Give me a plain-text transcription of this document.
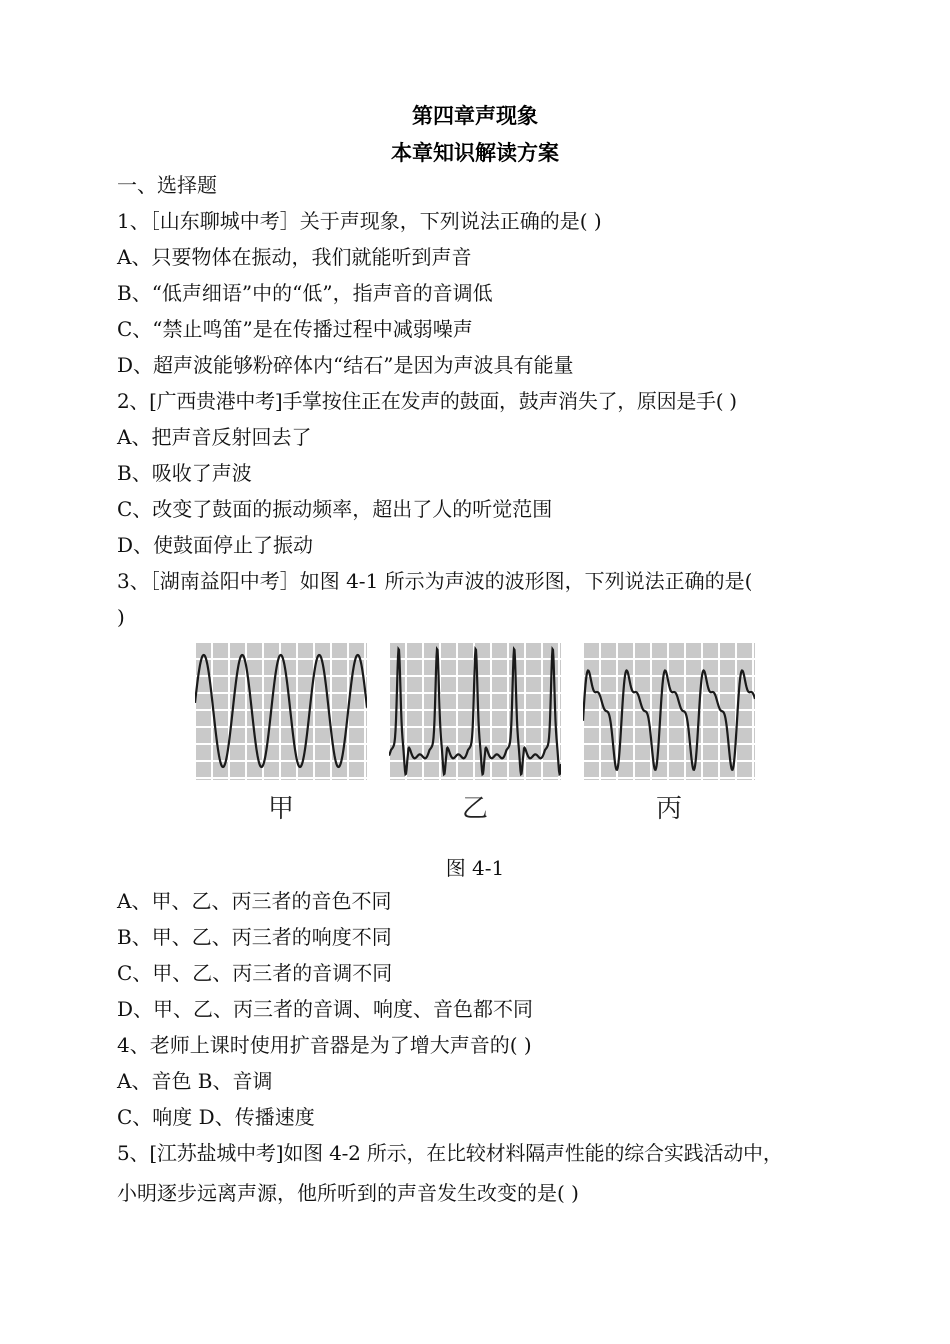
第四章声现象
本章知识解读方案
一、选择题
1、［山东聊城中考］关于声现象，下列说法正确的是( )
A、只要物体在振动，我们就能听到声音
B、“低声细语”中的“低”，指声音的音调低
C、“禁止鸣笛”是在传播过程中减弱噪声
D、超声波能够粉碎体内“结石”是因为声波具有能量
2、[广西贵港中考]手掌按住正在发声的鼓面，鼓声消失了，原因是手( )
A、把声音反射回去了
B、吸收了声波
C、改变了鼓面的振动频率，超出了人的听觉范围
D、使鼓面停止了振动
3、［湖南益阳中考］如图 4-1 所示为声波的波形图，下列说法正确的是(
)
甲	乙	丙
图 4-1
A、甲、乙、丙三者的音色不同
B、甲、乙、丙三者的响度不同
C、甲、乙、丙三者的音调不同
D、甲、乙、丙三者的音调、响度、音色都不同
4、老师上课时使用扩音器是为了增大声音的( )
A、音色 B、音调
C、响度 D、传播速度
5、[江苏盐城中考]如图 4-2 所示，在比较材料隔声性能的综合实践活动中，
小明逐步远离声源，他所听到的声音发生改变的是( )
